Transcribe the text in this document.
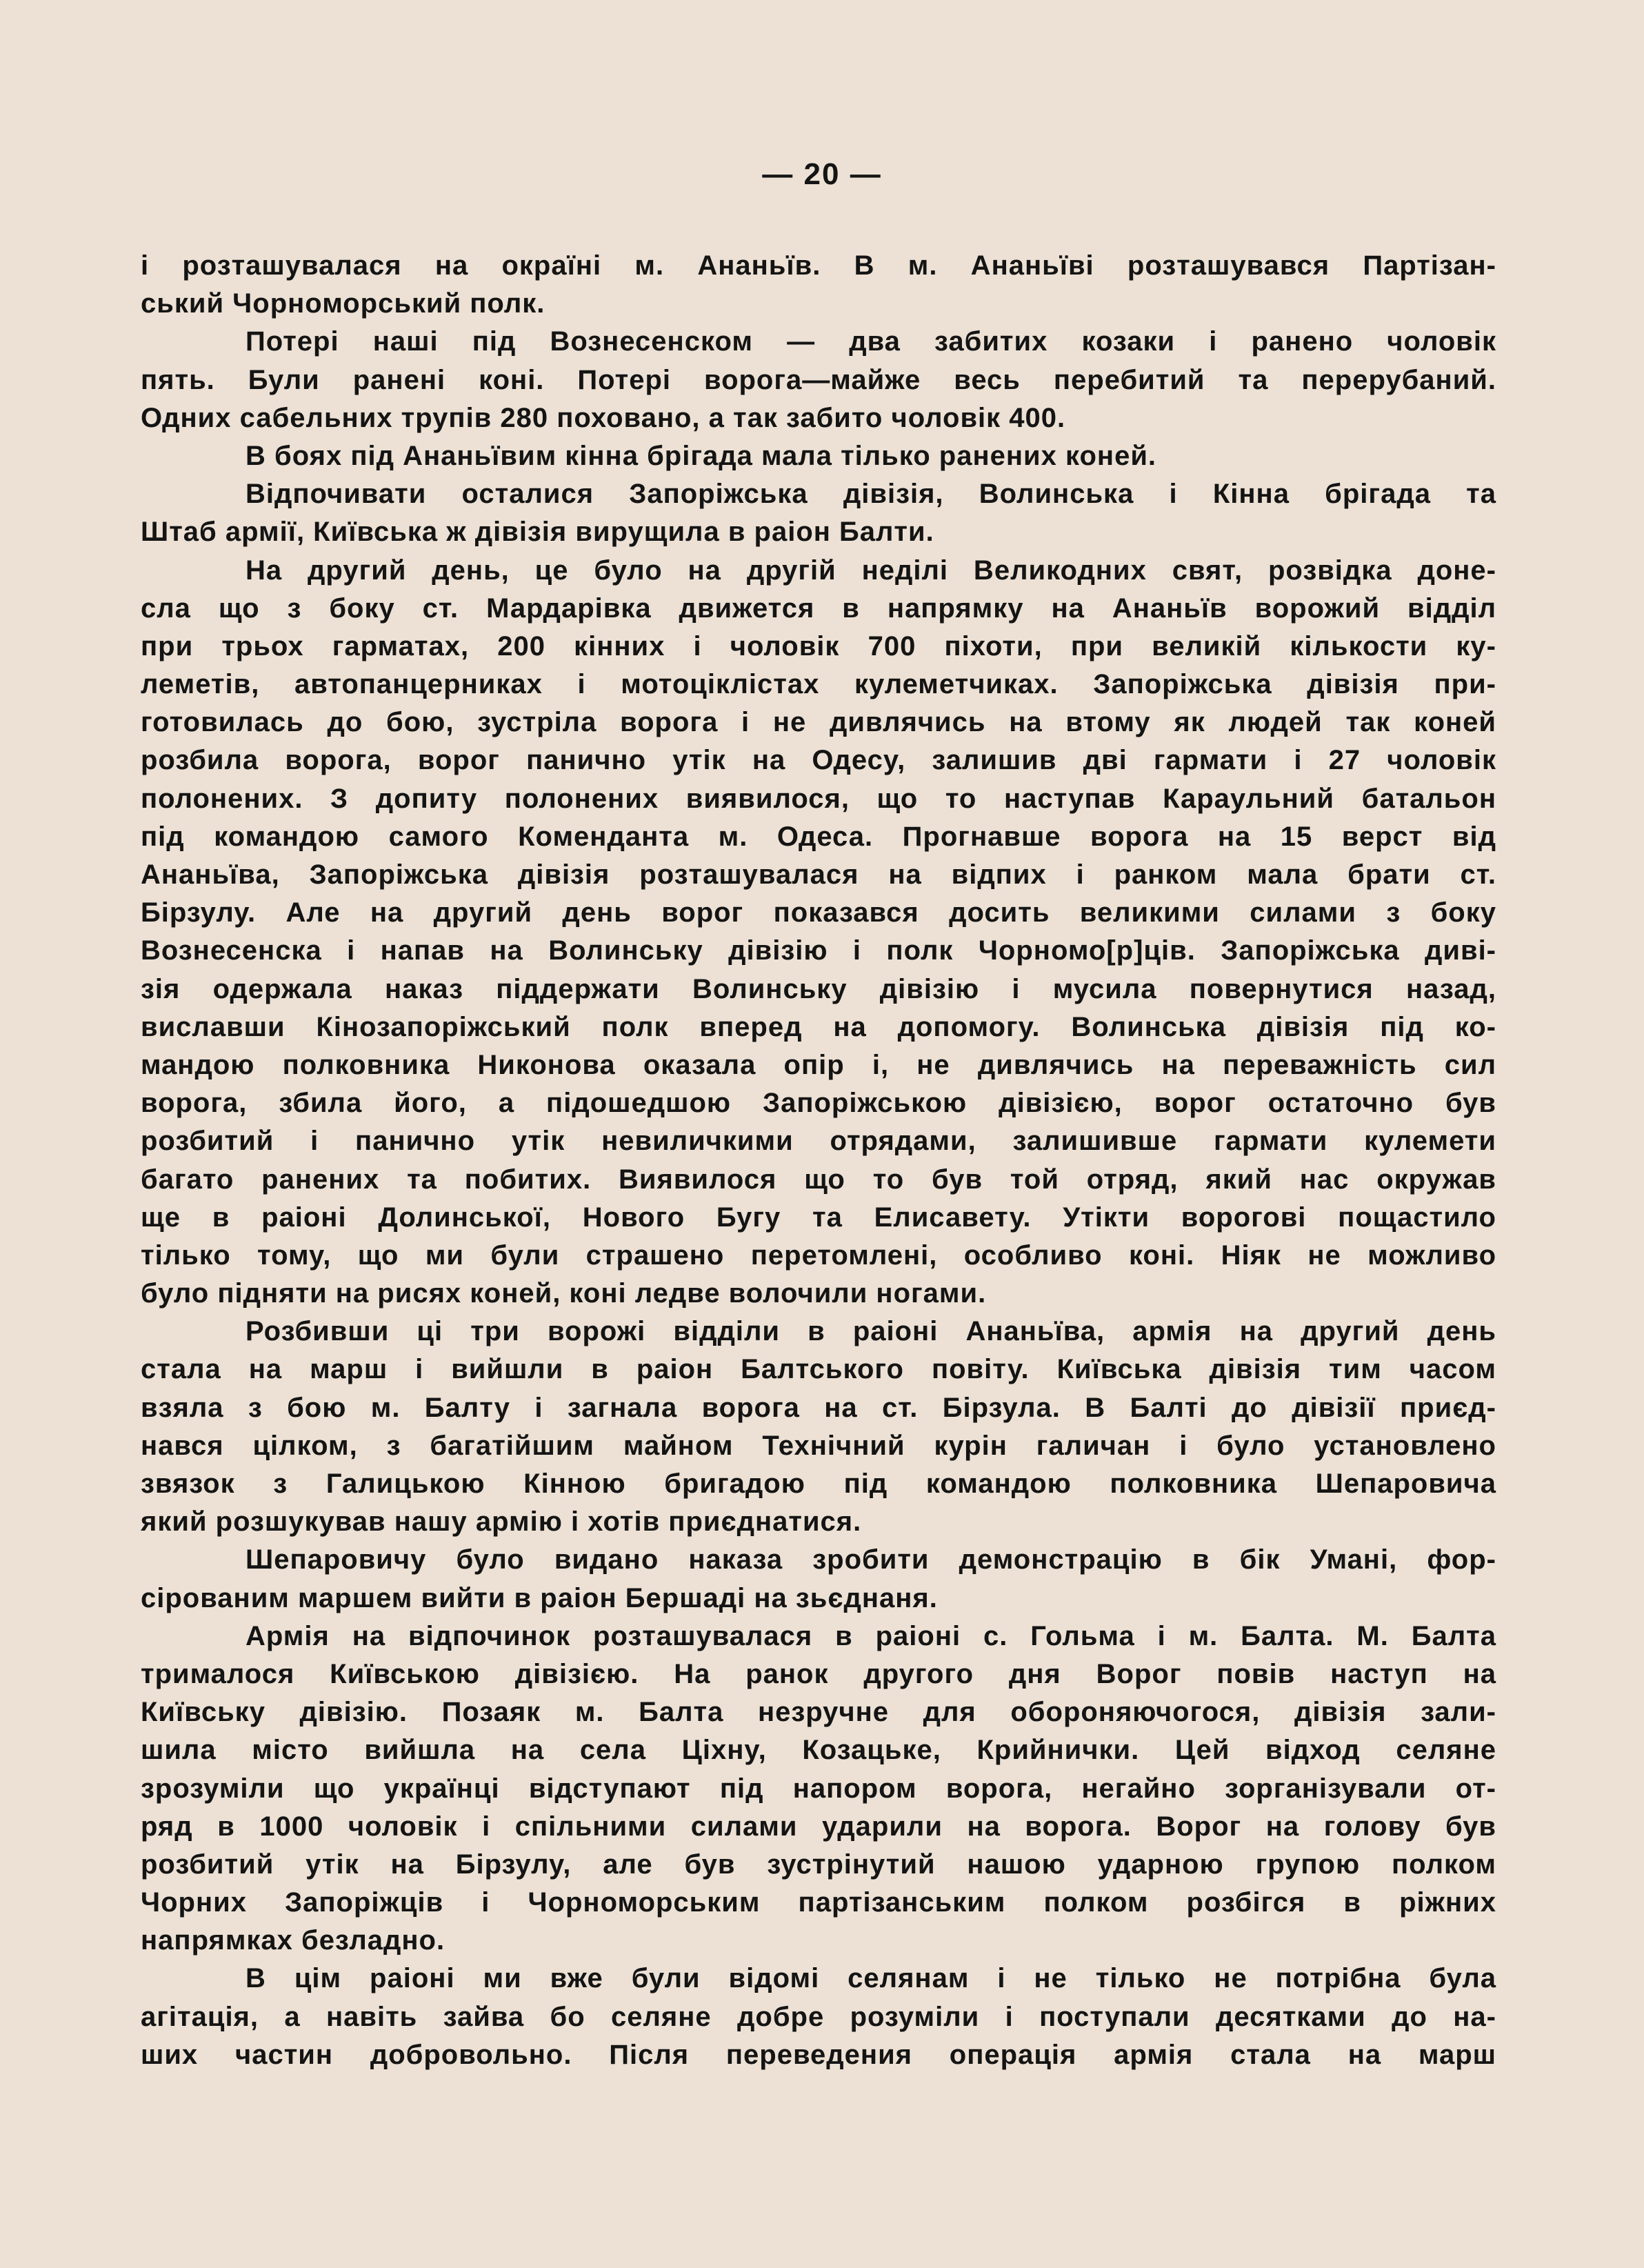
— 20 —
і розташувалася на окраїні м. Ананьїв. В м. Ананьїві розташувався Партізан-
ський Чорноморський полк.
Потері наші під Вознесенском — два забитих козаки і ранено чоловік
пять. Були ранені коні. Потері ворога—майже весь перебитий та перерубаний.
Одних сабельних трупів 280 поховано, а так забито чоловік 400.
В боях під Ананьївим кінна брігада мала тілько ранених коней.
Відпочивати осталися Запоріжська дівізія, Волинська і Кінна брігада та
Штаб армії, Київська ж дівізія вирущила в раіон Балти.
На другий день, це було на другій неділі Великодних свят, розвідка доне-
сла що з боку ст. Мардарівка движется в напрямку на Ананьїв ворожий відділ
при трьох гарматах, 200 кінних і чоловік 700 піхоти, при великій кількости ку-
леметів, автопанцерниках і мотоціклістах кулеметчиках. Запоріжська дівізія при-
готовилась до бою, зустріла ворога і не дивлячись на втому як людей так коней
розбила ворога, ворог панично утік на Одесу, залишив дві гармати і 27 чоловік
полонених. З допиту полонених виявилося, що то наступав Караульний батальон
під командою самого Коменданта м. Одеса. Прогнавше ворога на 15 верст від
Ананьїва, Запоріжська дівізія розташувалася на відпих і ранком мала брати ст.
Бірзулу. Але на другий день ворог показався досить великими силами з боку
Вознесенска і напав на Волинську дівізію і полк Чорномо[р]ців. Запоріжська диві-
зія одержала наказ піддержати Волинську дівізію і мусила повернутися назад,
виславши Кінозапоріжський полк вперед на допомогу. Волинська дівізія під ко-
мандою полковника Никонова оказала опір і, не дивлячись на переважність сил
ворога, збила його, а підошедшою Запоріжською дівізією, ворог остаточно був
розбитий і панично утік невиличкими отрядами, залишивше гармати кулемети
багато ранених та побитих. Виявилося що то був той отряд, який нас окружав
ще в раіоні Долинської, Нового Бугу та Елисавету. Утікти ворогові пощастило
тілько тому, що ми були страшено перетомлені, особливо коні. Ніяк не можливо
було підняти на рисях коней, коні ледве волочили ногами.
Розбивши ці три ворожі відділи в раіоні Ананьїва, армія на другий день
стала на марш і вийшли в раіон Балтського повіту. Київська дівізія тим часом
взяла з бою м. Балту і загнала ворога на ст. Бірзула. В Балті до дівізії приєд-
нався цілком, з багатійшим майном Технічний курін галичан і було установлено
звязок з Галицькою Кінною бригадою під командою полковника Шепаровича
який розшукував нашу армію і хотів приєднатися.
Шепаровичу було видано наказа зробити демонстрацію в бік Умані, фор-
сірованим маршем вийти в раіон Бершаді на зьєднаня.
Армія на відпочинок розташувалася в раіоні с. Гольма і м. Балта. М. Балта
трималося Київською дівізією. На ранок другого дня Ворог повів наступ на
Київську дівізію. Позаяк м. Балта незручне для обороняючогося, дівізія зали-
шила місто вийшла на села Ціхну, Козацьке, Крийнички. Цей відход селяне
зрозуміли що українці відступают під напором ворога, негайно зорганізували от-
ряд в 1000 чоловік і спільними силами ударили на ворога. Ворог на голову був
розбитий утік на Бірзулу, але був зустрінутий нашою ударною групою полком
Чорних Запоріжців і Чорноморським партізанським полком розбігся в ріжних
напрямках безладно.
В цім раіоні ми вже були відомі селянам і не тілько не потрібна була
агітація, а навіть зайва бо селяне добре розуміли і поступали десятками до на-
ших частин добровольно. Після переведения операція армія стала на марш
